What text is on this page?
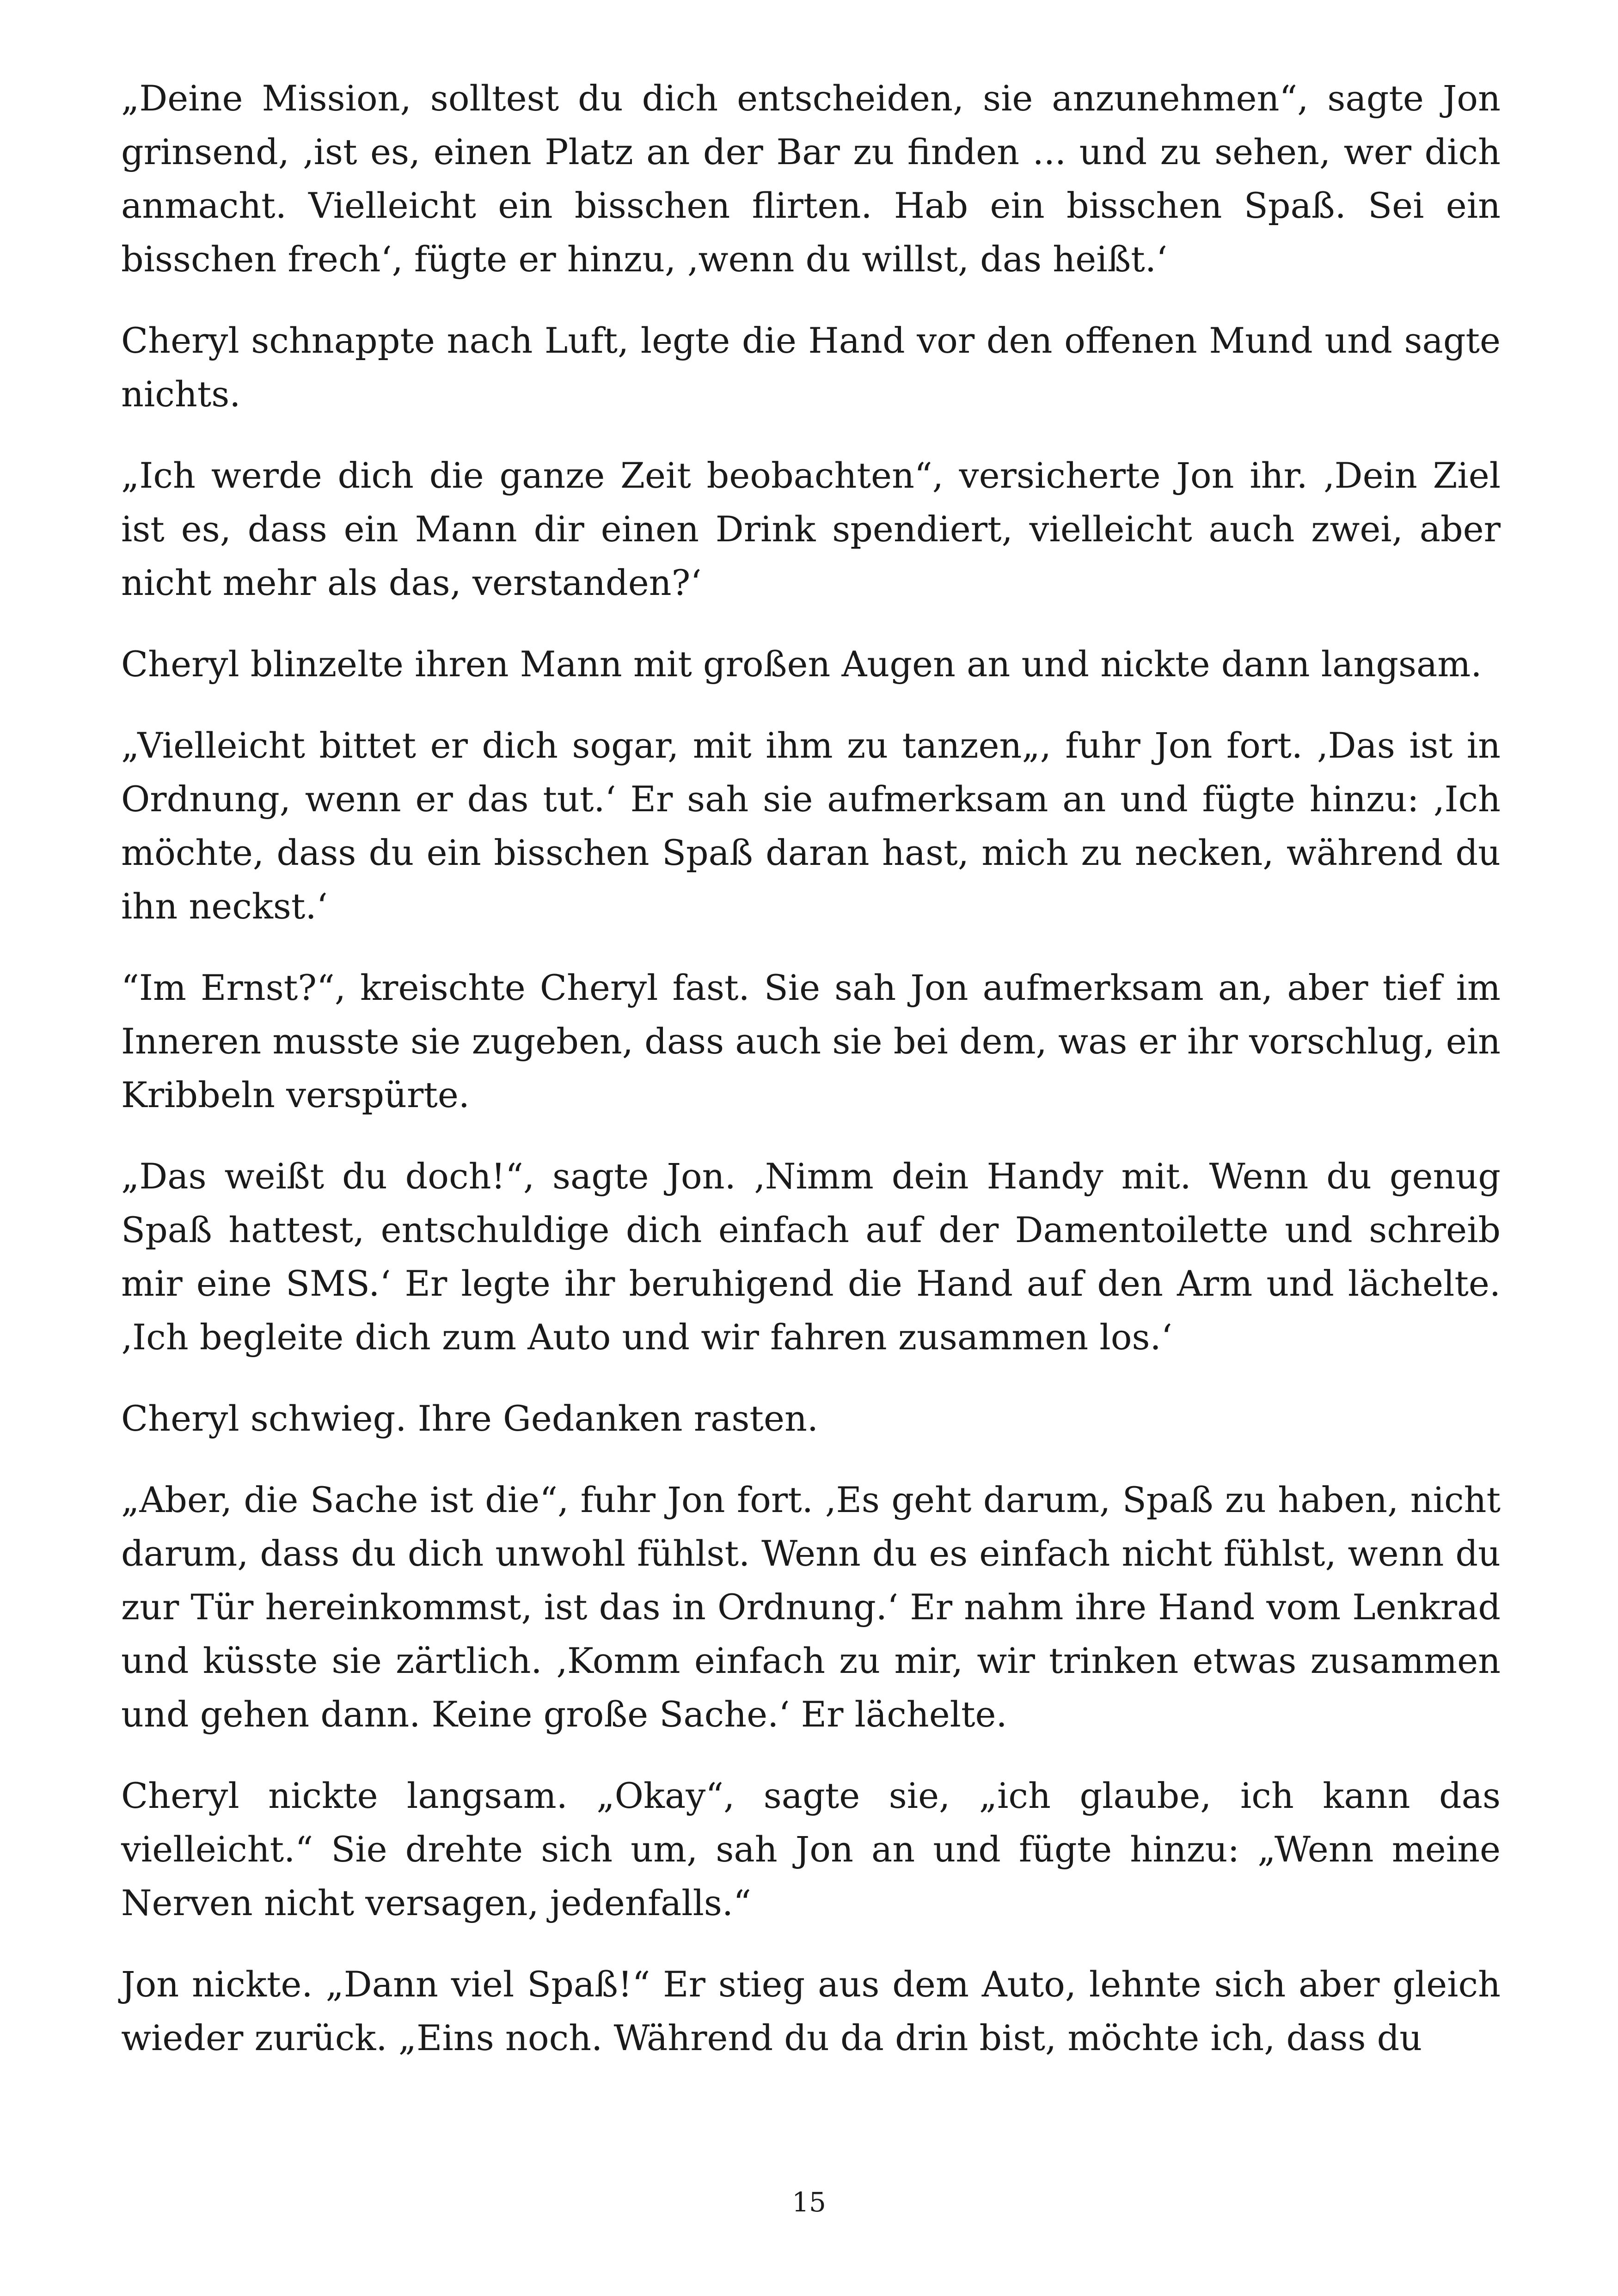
„Deine Mission, solltest du dich entscheiden, sie anzunehmen“, sagte Jon grinsend, ‚ist es, einen Platz an der Bar zu finden ... und zu sehen, wer dich anmacht. Vielleicht ein bisschen flirten. Hab ein bisschen Spaß. Sei ein bisschen frech‘, fügte er hinzu, ‚wenn du willst, das heißt.‘

Cheryl schnappte nach Luft, legte die Hand vor den offenen Mund und sagte nichts.

„Ich werde dich die ganze Zeit beobachten“, versicherte Jon ihr. ‚Dein Ziel ist es, dass ein Mann dir einen Drink spendiert, vielleicht auch zwei, aber nicht mehr als das, verstanden?‘

Cheryl blinzelte ihren Mann mit großen Augen an und nickte dann langsam.

„Vielleicht bittet er dich sogar, mit ihm zu tanzen„, fuhr Jon fort. ‚Das ist in Ordnung, wenn er das tut.‘ Er sah sie aufmerksam an und fügte hinzu: ‚Ich möchte, dass du ein bisschen Spaß daran hast, mich zu necken, während du ihn neckst.‘

“Im Ernst?“, kreischte Cheryl fast. Sie sah Jon aufmerksam an, aber tief im Inneren musste sie zugeben, dass auch sie bei dem, was er ihr vorschlug, ein Kribbeln verspürte.

„Das weißt du doch!“, sagte Jon. ‚Nimm dein Handy mit. Wenn du genug Spaß hattest, entschuldige dich einfach auf der Damentoilette und schreib mir eine SMS.‘ Er legte ihr beruhigend die Hand auf den Arm und lächelte. ‚Ich begleite dich zum Auto und wir fahren zusammen los.‘

Cheryl schwieg. Ihre Gedanken rasten.

„Aber, die Sache ist die“, fuhr Jon fort. ‚Es geht darum, Spaß zu haben, nicht darum, dass du dich unwohl fühlst. Wenn du es einfach nicht fühlst, wenn du zur Tür hereinkommst, ist das in Ordnung.‘ Er nahm ihre Hand vom Lenkrad und küsste sie zärtlich. ‚Komm einfach zu mir, wir trinken etwas zusammen und gehen dann. Keine große Sache.‘ Er lächelte.

Cheryl nickte langsam. „Okay“, sagte sie, „ich glaube, ich kann das vielleicht.“ Sie drehte sich um, sah Jon an und fügte hinzu: „Wenn meine Nerven nicht versagen, jedenfalls.“

Jon nickte. „Dann viel Spaß!“ Er stieg aus dem Auto, lehnte sich aber gleich wieder zurück. „Eins noch. Während du da drin bist, möchte ich, dass du

15
